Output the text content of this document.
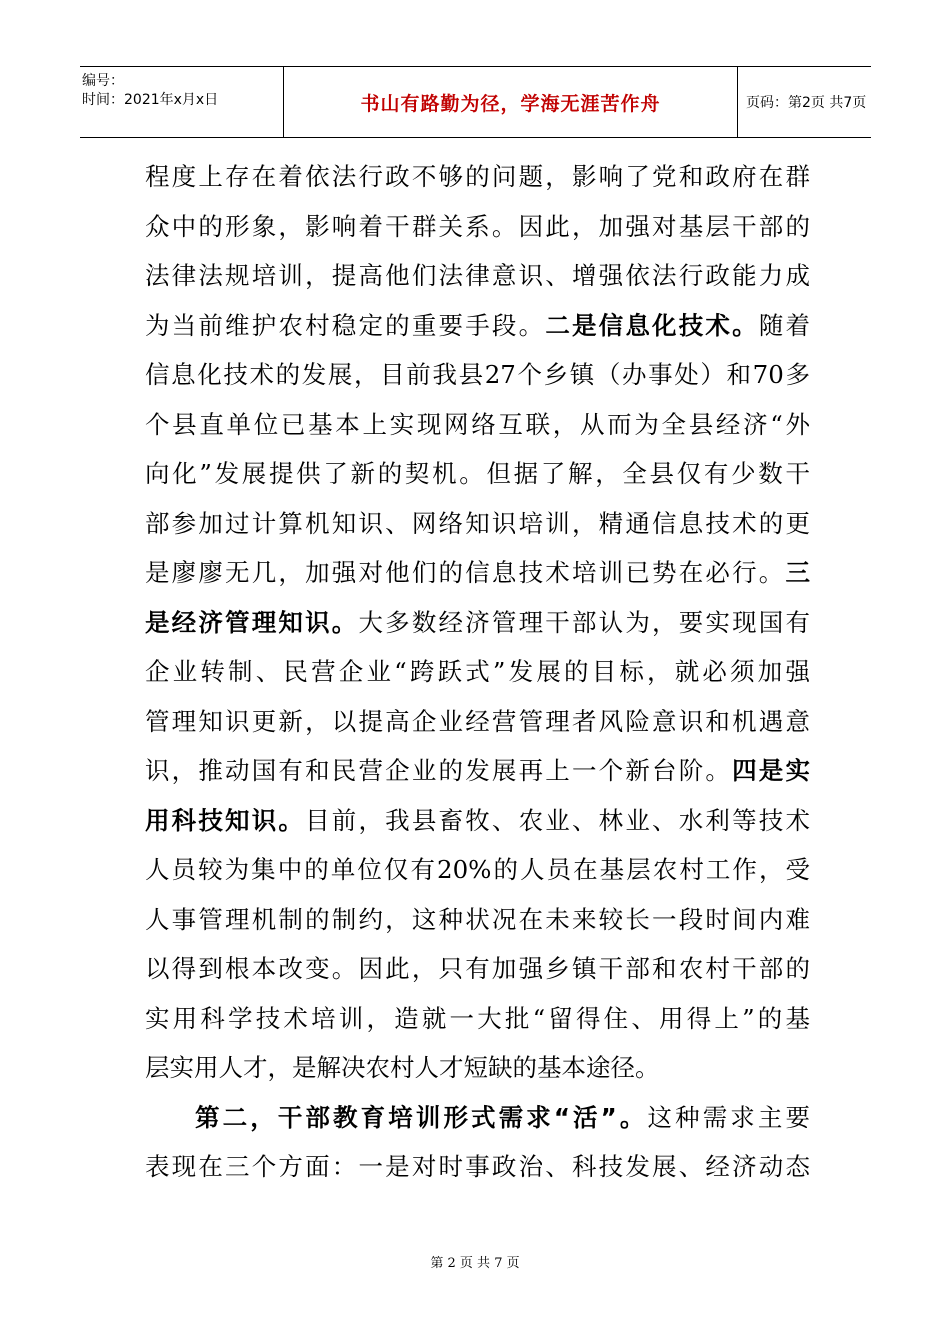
编号：
时间：2021年x月x日	书山有路勤为径，学海无涯苦作舟	页码：第2页 共7页
程度上存在着依法行政不够的问题，影响了党和政府在群
众中的形象，影响着干群关系。因此，加强对基层干部的
法律法规培训，提高他们法律意识、增强依法行政能力成
为当前维护农村稳定的重要手段。二是信息化技术。随着
信息化技术的发展，目前我县27个乡镇（办事处）和70多
个县直单位已基本上实现网络互联，从而为全县经济“外
向化”发展提供了新的契机。但据了解，全县仅有少数干
部参加过计算机知识、网络知识培训，精通信息技术的更
是廖廖无几，加强对他们的信息技术培训已势在必行。三
是经济管理知识。大多数经济管理干部认为，要实现国有
企业转制、民营企业“跨跃式”发展的目标，就必须加强
管理知识更新，以提高企业经营管理者风险意识和机遇意
识，推动国有和民营企业的发展再上一个新台阶。四是实
用科技知识。目前，我县畜牧、农业、林业、水利等技术
人员较为集中的单位仅有20%的人员在基层农村工作，受
人事管理机制的制约，这种状况在未来较长一段时间内难
以得到根本改变。因此，只有加强乡镇干部和农村干部的
实用科学技术培训，造就一大批“留得住、用得上”的基
层实用人才，是解决农村人才短缺的基本途径。
第二，干部教育培训形式需求“活”。这种需求主要
表现在三个方面：一是对时事政治、科技发展、经济动态
第 2 页 共 7 页
